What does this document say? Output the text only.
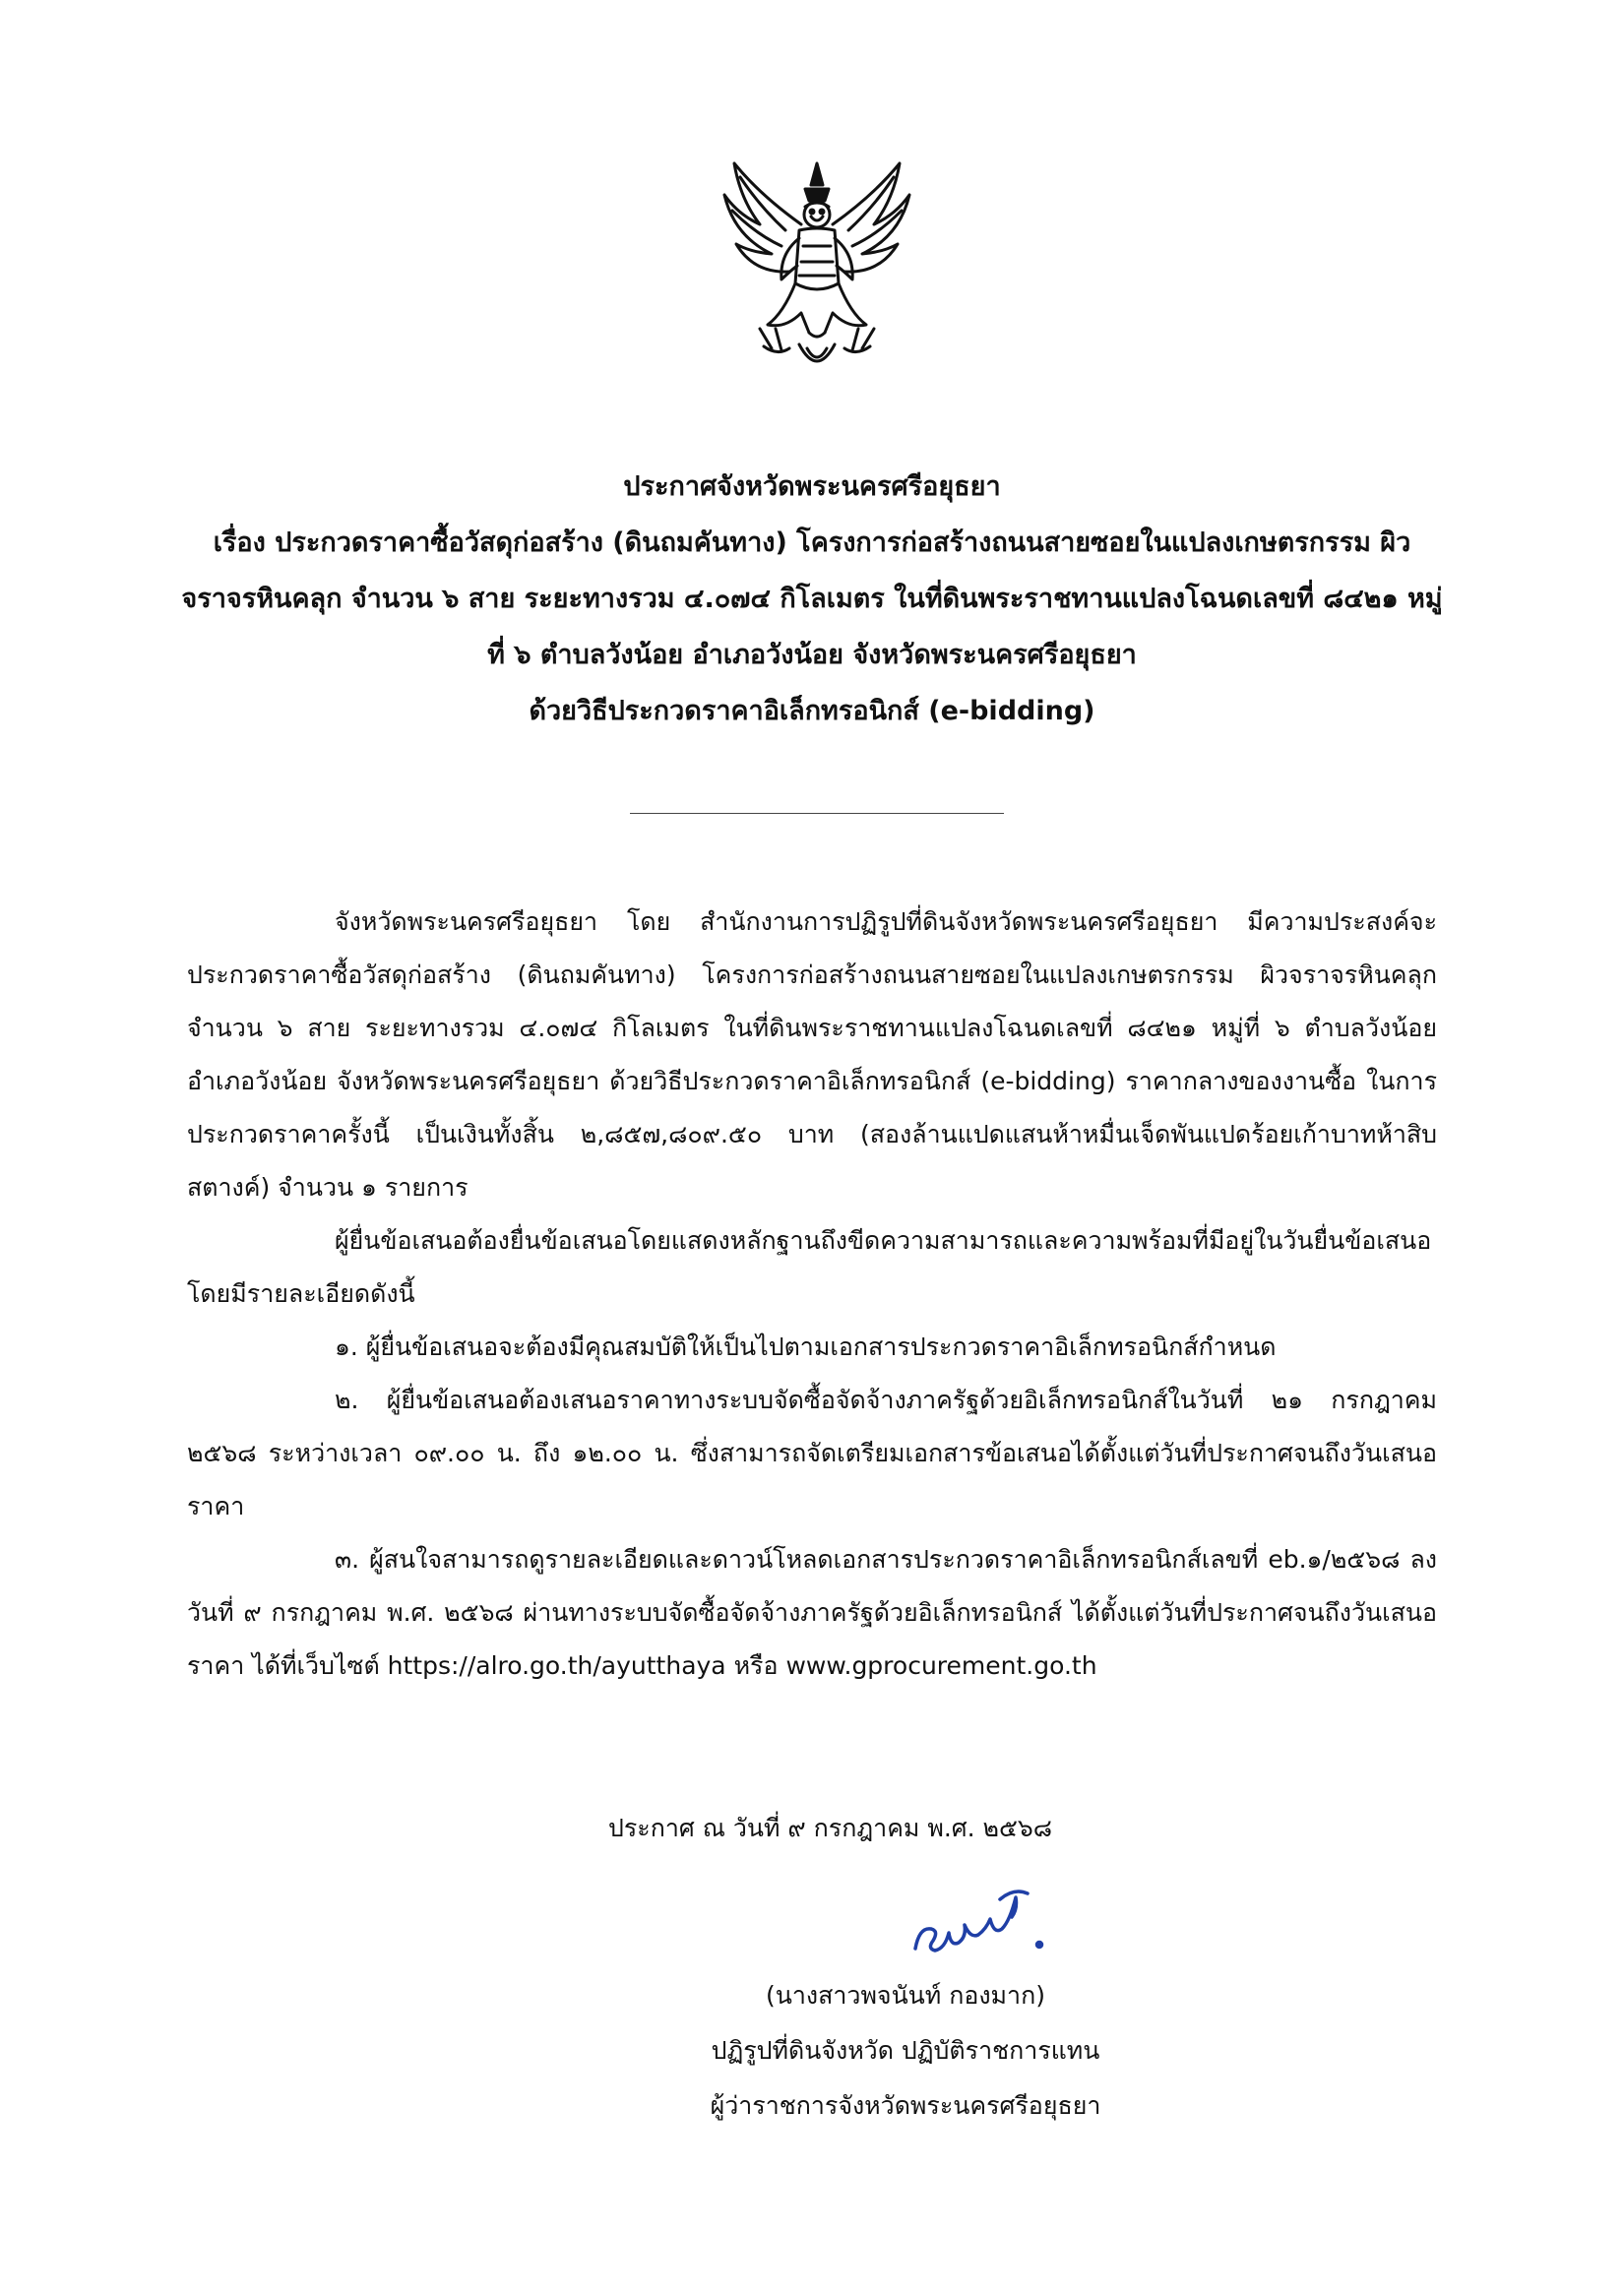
ประกาศจังหวัดพระนครศรีอยุธยา
เรื่อง ประกวดราคาซื้อวัสดุก่อสร้าง (ดินถมคันทาง) โครงการก่อสร้างถนนสายซอยในแปลงเกษตรกรรม ผิว
จราจรหินคลุก จำนวน ๖ สาย ระยะทางรวม ๔.๐๗๔ กิโลเมตร ในที่ดินพระราชทานแปลงโฉนดเลขที่ ๘๔๒๑ หมู่
ที่ ๖ ตำบลวังน้อย อำเภอวังน้อย จังหวัดพระนครศรีอยุธยา
ด้วยวิธีประกวดราคาอิเล็กทรอนิกส์ (e-bidding)

จังหวัดพระนครศรีอยุธยา โดย สำนักงานการปฏิรูปที่ดินจังหวัดพระนครศรีอยุธยา มีความประสงค์จะประกวดราคาซื้อวัสดุก่อสร้าง (ดินถมคันทาง) โครงการก่อสร้างถนนสายซอยในแปลงเกษตรกรรม ผิวจราจรหินคลุก จำนวน ๖ สาย ระยะทางรวม ๔.๐๗๔ กิโลเมตร ในที่ดินพระราชทานแปลงโฉนดเลขที่ ๘๔๒๑ หมู่ที่ ๖ ตำบลวังน้อย อำเภอวังน้อย จังหวัดพระนครศรีอยุธยา ด้วยวิธีประกวดราคาอิเล็กทรอนิกส์ (e-bidding) ราคากลางของงานซื้อ ในการประกวดราคาครั้งนี้ เป็นเงินทั้งสิ้น ๒,๘๕๗,๘๐๙.๕๐ บาท (สองล้านแปดแสนห้าหมื่นเจ็ดพันแปดร้อยเก้าบาทห้าสิบสตางค์) จำนวน ๑ รายการ

ผู้ยื่นข้อเสนอต้องยื่นข้อเสนอโดยแสดงหลักฐานถึงขีดความสามารถและความพร้อมที่มีอยู่ในวันยื่นข้อเสนอ โดยมีรายละเอียดดังนี้

๑. ผู้ยื่นข้อเสนอจะต้องมีคุณสมบัติให้เป็นไปตามเอกสารประกวดราคาอิเล็กทรอนิกส์กำหนด

๒. ผู้ยื่นข้อเสนอต้องเสนอราคาทางระบบจัดซื้อจัดจ้างภาครัฐด้วยอิเล็กทรอนิกส์ในวันที่ ๒๑ กรกฎาคม ๒๕๖๘ ระหว่างเวลา ๐๙.๐๐ น. ถึง ๑๒.๐๐ น. ซึ่งสามารถจัดเตรียมเอกสารข้อเสนอได้ตั้งแต่วันที่ประกาศจนถึงวันเสนอราคา

๓. ผู้สนใจสามารถดูรายละเอียดและดาวน์โหลดเอกสารประกวดราคาอิเล็กทรอนิกส์เลขที่ eb.๑/๒๕๖๘ ลงวันที่ ๙ กรกฎาคม พ.ศ. ๒๕๖๘ ผ่านทางระบบจัดซื้อจัดจ้างภาครัฐด้วยอิเล็กทรอนิกส์ ได้ตั้งแต่วันที่ประกาศจนถึงวันเสนอราคา ได้ที่เว็บไซต์ https://alro.go.th/ayutthaya หรือ www.gprocurement.go.th

ประกาศ ณ วันที่ ๙ กรกฎาคม พ.ศ. ๒๕๖๘
(นางสาวพจนันท์ กองมาก)
ปฏิรูปที่ดินจังหวัด ปฏิบัติราชการแทน
ผู้ว่าราชการจังหวัดพระนครศรีอยุธยา
